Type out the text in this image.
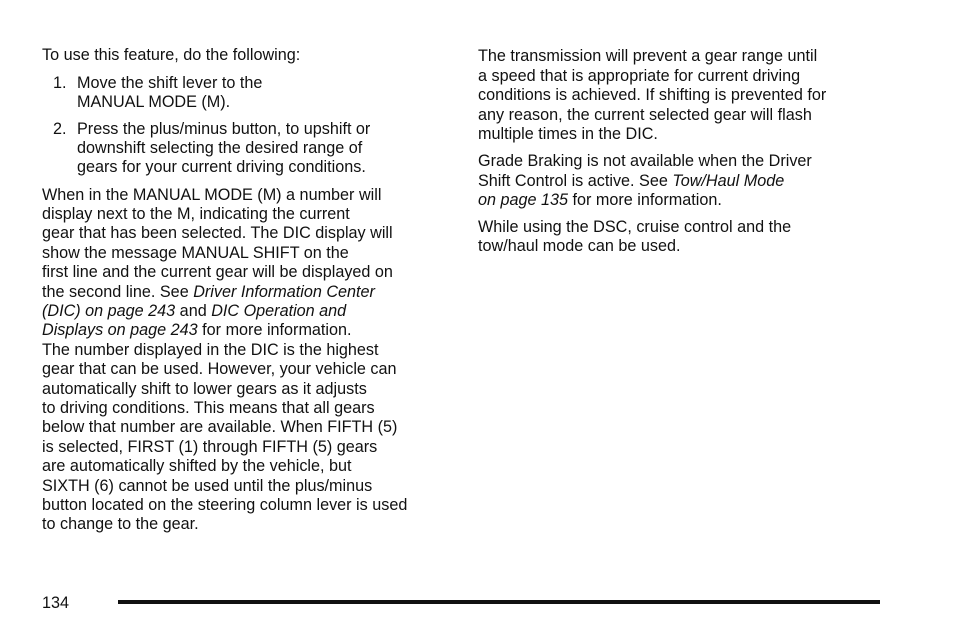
To use this feature, do the following:
1. Move the shift lever to the
MANUAL MODE (M).
2. Press the plus/minus button, to upshift or
downshift selecting the desired range of
gears for your current driving conditions.
When in the MANUAL MODE (M) a number will
display next to the M, indicating the current
gear that has been selected. The DIC display will
show the message MANUAL SHIFT on the
first line and the current gear will be displayed on
the second line. See Driver Information Center
(DIC) on page 243 and DIC Operation and
Displays on page 243 for more information.
The number displayed in the DIC is the highest
gear that can be used. However, your vehicle can
automatically shift to lower gears as it adjusts
to driving conditions. This means that all gears
below that number are available. When FIFTH (5)
is selected, FIRST (1) through FIFTH (5) gears
are automatically shifted by the vehicle, but
SIXTH (6) cannot be used until the plus/minus
button located on the steering column lever is used
to change to the gear.
The transmission will prevent a gear range until
a speed that is appropriate for current driving
conditions is achieved. If shifting is prevented for
any reason, the current selected gear will flash
multiple times in the DIC.
Grade Braking is not available when the Driver
Shift Control is active. See Tow/Haul Mode
on page 135 for more information.
While using the DSC, cruise control and the
tow/haul mode can be used.
134
